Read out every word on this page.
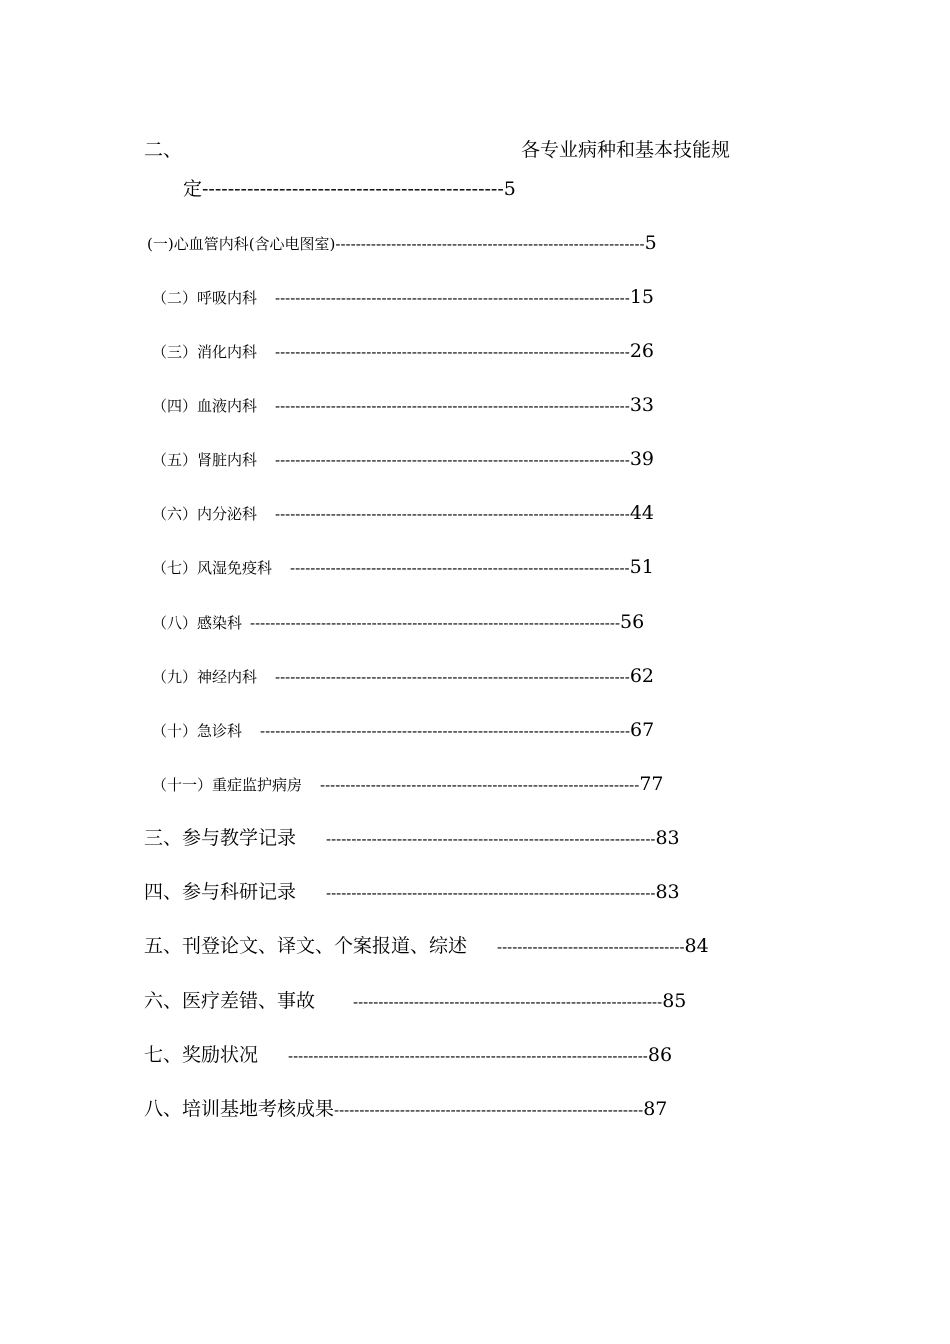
二、	各专业病种和基本技能规
定-----------------------------------------------5
(一)心血管内科(含心电图室)-------------------------------------------------------------5
（二）呼吸内科 ----------------------------------------------------------------------15
（三）消化内科 ----------------------------------------------------------------------26
（四）血液内科 ----------------------------------------------------------------------33
（五）肾脏内科 ----------------------------------------------------------------------39
（六）内分泌科 ----------------------------------------------------------------------44
（七）风湿免疫科 -------------------------------------------------------------------51
（八）感染科 -------------------------------------------------------------------------56
（九）神经内科 ----------------------------------------------------------------------62
（十）急诊科 -------------------------------------------------------------------------67
（十一）重症监护病房 ---------------------------------------------------------------77
三、参与教学记录 -----------------------------------------------------------------83
四、参与科研记录 -----------------------------------------------------------------83
五、刊登论文、译文、个案报道、综述 -------------------------------------84
六、医疗差错、事故	-------------------------------------------------------------85
七、奖励状况 -----------------------------------------------------------------------86
八、培训基地考核成果-------------------------------------------------------------87
